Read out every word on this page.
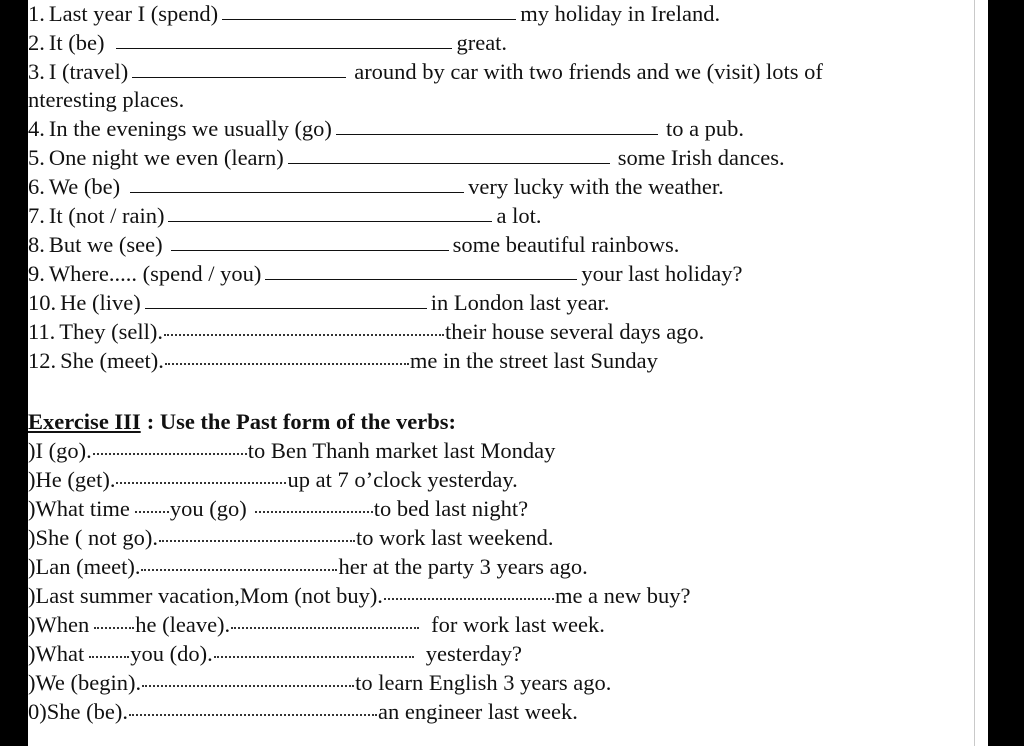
1. Last year I (spend)	my holiday in Ireland.
2. It (be)	great.
3. I (travel)	around by car with two friends and we (visit) lots of
nteresting places.
4. In the evenings we usually (go)	to a pub.
5. One night we even (learn)	some Irish dances.
6. We (be)	very lucky with the weather.
7. It (not / rain)	a lot.
8. But we (see)	some beautiful rainbows.
9. Where..... (spend / you)	your last holiday?
10. He (live)	in London last year.
11. They (sell).	their house several days ago.
12. She (meet).	me in the street last Sunday
Exercise III : Use the Past form of the verbs:
) I (go).	to Ben Thanh market last Monday
) He (get).	up at 7 o’clock yesterday.
) What time you (go)	to bed last night?
) She ( not go).	to work last weekend.
) Lan (meet).	her at the party 3 years ago.
) Last summer vacation,Mom (not buy).	me a new buy?
) When he (leave).	for work last week.
) What you (do).	yesterday?
) We (begin).	to learn English 3 years ago.
0) She (be).	an engineer last week.
